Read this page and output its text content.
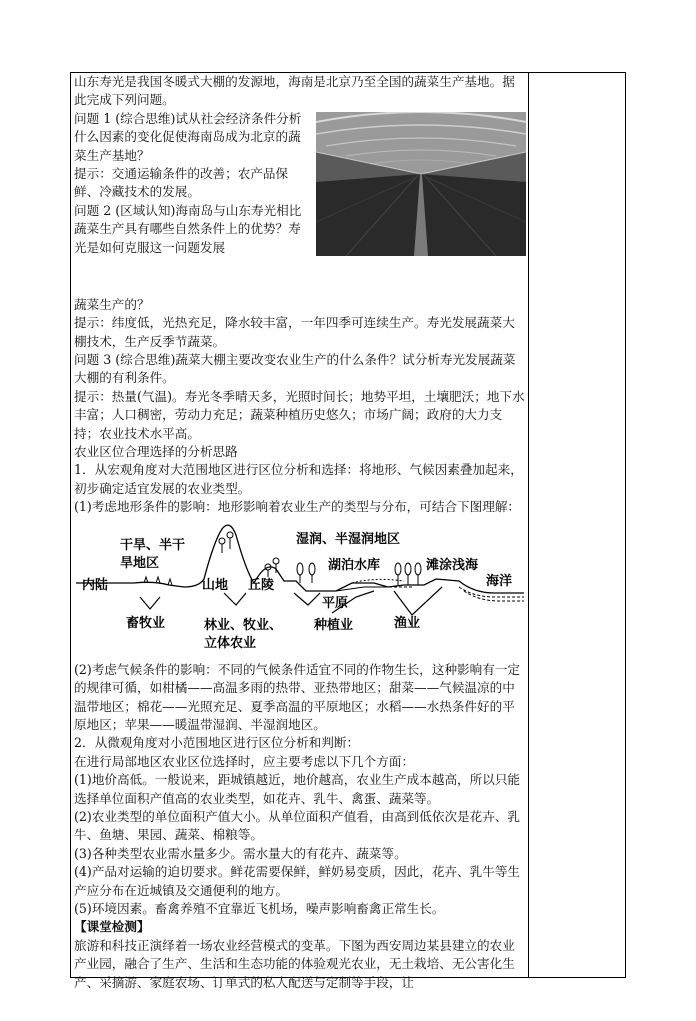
山东寿光是我国冬暖式大棚的发源地，海南是北京乃至全国的蔬菜生产基地。据此完成下列问题。

问题 1 (综合思维)试从社会经济条件分析什么因素的变化促使海南岛成为北京的蔬菜生产基地？

提示：交通运输条件的改善；农产品保鲜、冷藏技术的发展。

问题 2 (区域认知)海南岛与山东寿光相比蔬菜生产具有哪些自然条件上的优势？寿光是如何克服这一问题发展

蔬菜生产的？

提示：纬度低，光热充足，降水较丰富，一年四季可连续生产。寿光发展蔬菜大棚技术，生产反季节蔬菜。

问题 3 (综合思维)蔬菜大棚主要改变农业生产的什么条件？试分析寿光发展蔬菜大棚的有利条件。

提示：热量(气温)。寿光冬季晴天多，光照时间长；地势平坦，土壤肥沃；地下水丰富；人口稠密，劳动力充足；蔬菜种植历史悠久；市场广阔；政府的大力支持；农业技术水平高。

农业区位合理选择的分析思路

1．从宏观角度对大范围地区进行区位分析和选择：将地形、气候因素叠加起来，初步确定适宜发展的农业类型。

(1)考虑地形条件的影响：地形影响着农业生产的类型与分布，可结合下图理解：

干旱、半干
旱地区
湿润、半湿润地区
内陆	山地 丘陵
湖泊水库	滩涂浅海
海洋
平原
畜牧业	林业、牧业、
立体农业
种植业	渔业

(2)考虑气候条件的影响：不同的气候条件适宜不同的作物生长，这种影响有一定的规律可循，如柑橘——高温多雨的热带、亚热带地区；甜菜——气候温凉的中温带地区；棉花——光照充足、夏季高温的平原地区；水稻——水热条件好的平原地区；苹果——暖温带湿润、半湿润地区。

2．从微观角度对小范围地区进行区位分析和判断：

在进行局部地区农业区位选择时，应主要考虑以下几个方面：

(1)地价高低。一般说来，距城镇越近，地价越高，农业生产成本越高，所以只能选择单位面积产值高的农业类型，如花卉、乳牛、禽蛋、蔬菜等。

(2)农业类型的单位面积产值大小。从单位面积产值看，由高到低依次是花卉、乳牛、鱼塘、果园、蔬菜、棉粮等。

(3)各种类型农业需水量多少。需水量大的有花卉、蔬菜等。

(4)产品对运输的迫切要求。鲜花需要保鲜，鲜奶易变质，因此，花卉、乳牛等生产应分布在近城镇及交通便利的地方。

(5)环境因素。畜禽养殖不宜靠近飞机场，噪声影响畜禽正常生长。

【课堂检测】

旅游和科技正演绎着一场农业经营模式的变革。下图为西安周边某县建立的农业产业园，融合了生产、生活和生态功能的体验观光农业，无土栽培、无公害化生产、采摘游、家庭农场、订单式的私人配送与定制等手段，让
